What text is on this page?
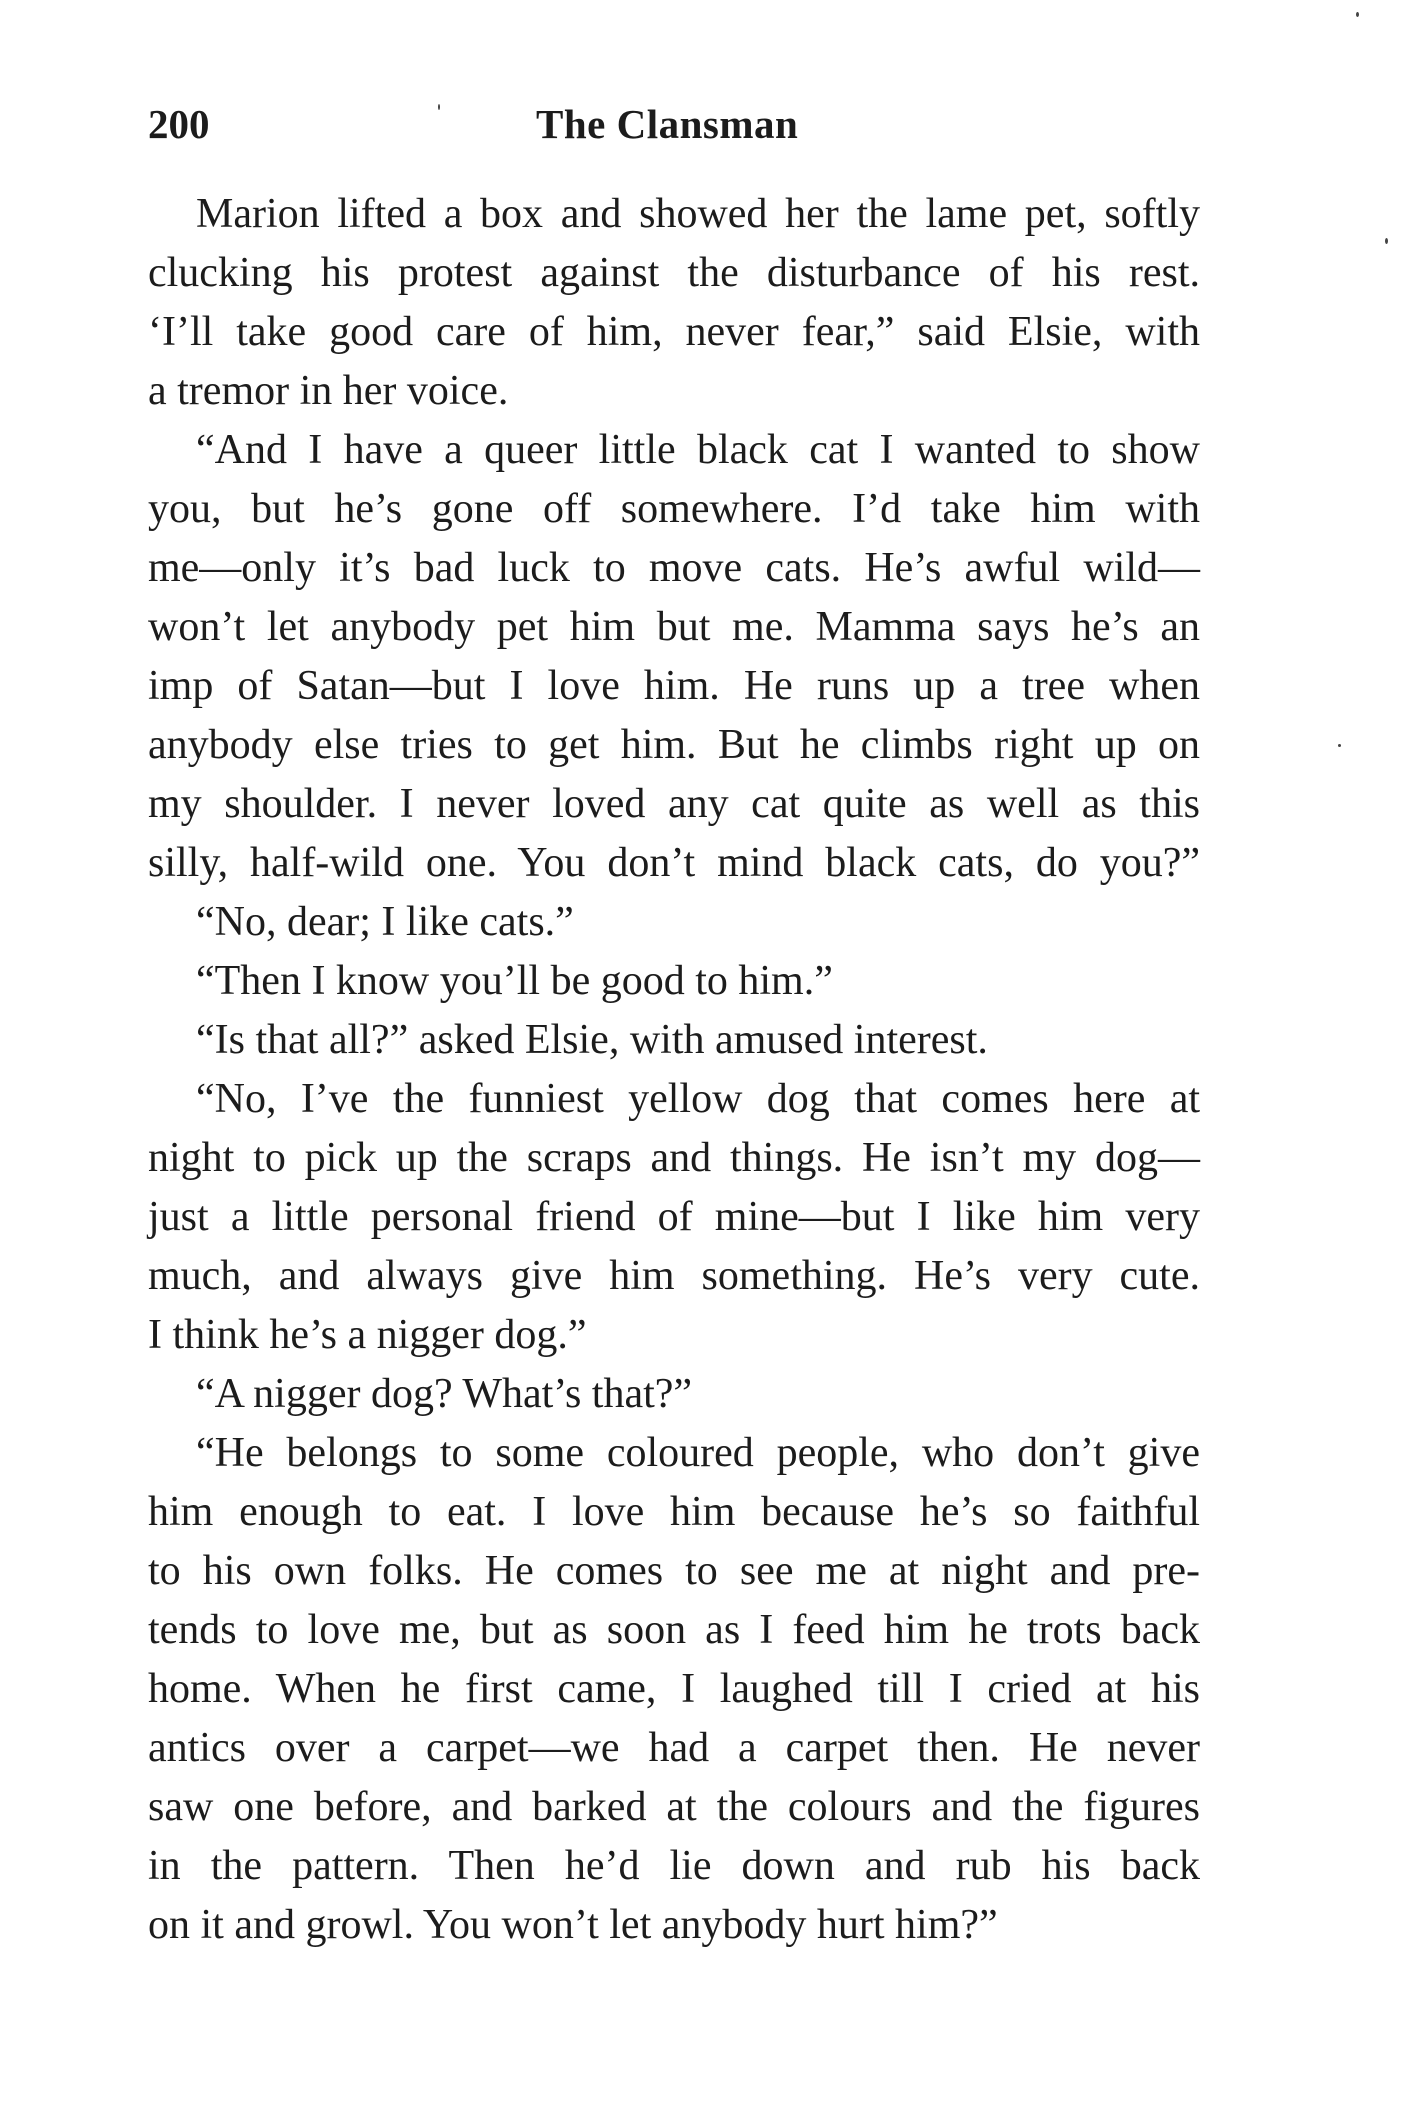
200	The Clansman
Marion lifted a box and showed her the lame pet, softly
clucking his protest against the disturbance of his rest.
‘I’ll take good care of him, never fear,” said Elsie, with
a tremor in her voice.
“And I have a queer little black cat I wanted to show
you, but he’s gone off somewhere. I’d take him with
me—only it’s bad luck to move cats. He’s awful wild—
won’t let anybody pet him but me. Mamma says he’s an
imp of Satan—but I love him. He runs up a tree when
anybody else tries to get him. But he climbs right up on
my shoulder. I never loved any cat quite as well as this
silly, half-wild one. You don’t mind black cats, do you?”
“No, dear; I like cats.”
“Then I know you’ll be good to him.”
“Is that all?” asked Elsie, with amused interest.
“No, I’ve the funniest yellow dog that comes here at
night to pick up the scraps and things. He isn’t my dog—
just a little personal friend of mine—but I like him very
much, and always give him something. He’s very cute.
I think he’s a nigger dog.”
“A nigger dog? What’s that?”
“He belongs to some coloured people, who don’t give
him enough to eat. I love him because he’s so faithful
to his own folks. He comes to see me at night and pre-
tends to love me, but as soon as I feed him he trots back
home. When he first came, I laughed till I cried at his
antics over a carpet—we had a carpet then. He never
saw one before, and barked at the colours and the figures
in the pattern. Then he’d lie down and rub his back
on it and growl. You won’t let anybody hurt him?”
